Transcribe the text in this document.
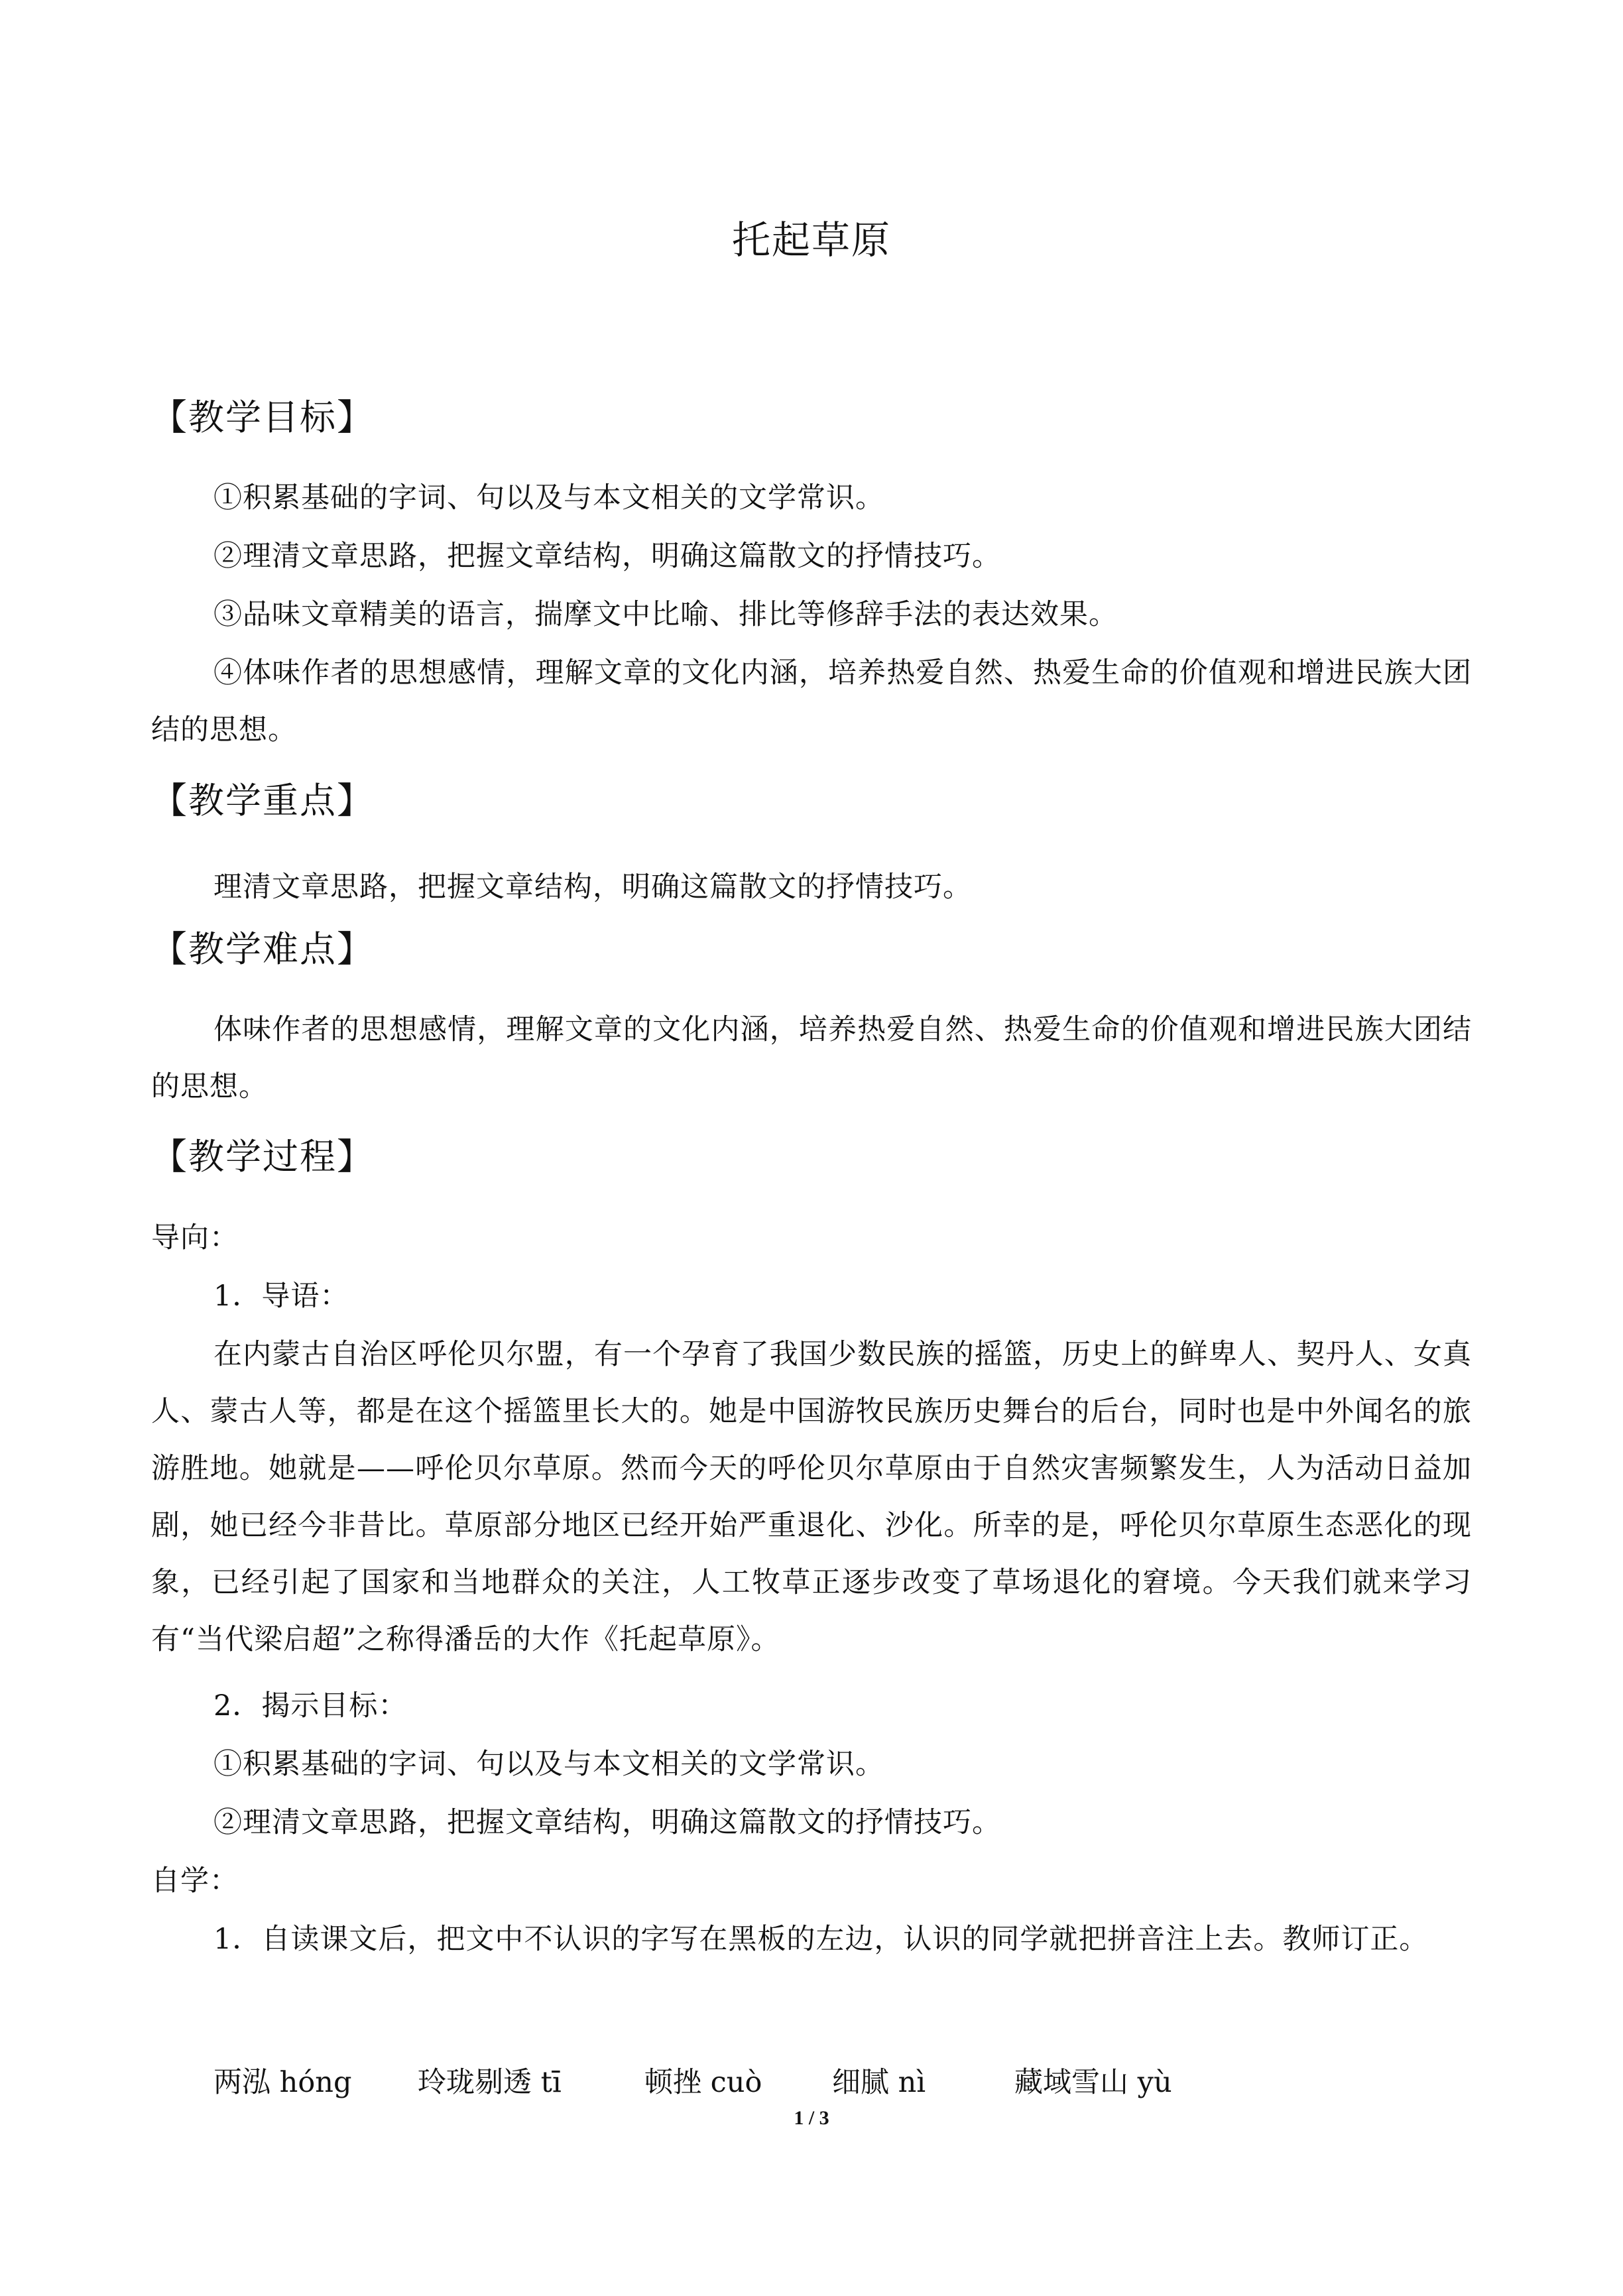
托起草原
【教学目标】
①积累基础的字词、句以及与本文相关的文学常识。
②理清文章思路，把握文章结构，明确这篇散文的抒情技巧。
③品味文章精美的语言，揣摩文中比喻、排比等修辞手法的表达效果。
④体味作者的思想感情，理解文章的文化内涵，培养热爱自然、热爱生命的价值观和增进民族大团结的思想。
【教学重点】
理清文章思路，把握文章结构，明确这篇散文的抒情技巧。
【教学难点】
体味作者的思想感情，理解文章的文化内涵，培养热爱自然、热爱生命的价值观和增进民族大团结的思想。
【教学过程】
导向：
1．导语：
在内蒙古自治区呼伦贝尔盟，有一个孕育了我国少数民族的摇篮，历史上的鲜卑人、契丹人、女真人、蒙古人等，都是在这个摇篮里长大的。她是中国游牧民族历史舞台的后台，同时也是中外闻名的旅游胜地。她就是——呼伦贝尔草原。然而今天的呼伦贝尔草原由于自然灾害频繁发生，人为活动日益加剧，她已经今非昔比。草原部分地区已经开始严重退化、沙化。所幸的是，呼伦贝尔草原生态恶化的现象，已经引起了国家和当地群众的关注，人工牧草正逐步改变了草场退化的窘境。今天我们就来学习有“当代梁启超”之称得潘岳的大作《托起草原》。
2．揭示目标：
①积累基础的字词、句以及与本文相关的文学常识。
②理清文章思路，把握文章结构，明确这篇散文的抒情技巧。
自学：
1．自读课文后，把文中不认识的字写在黑板的左边，认识的同学就把拼音注上去。教师订正。
两泓 hóng 玲珑剔透 tī	顿挫 cuò 细腻 nì	藏域雪山 yù
1 / 3
